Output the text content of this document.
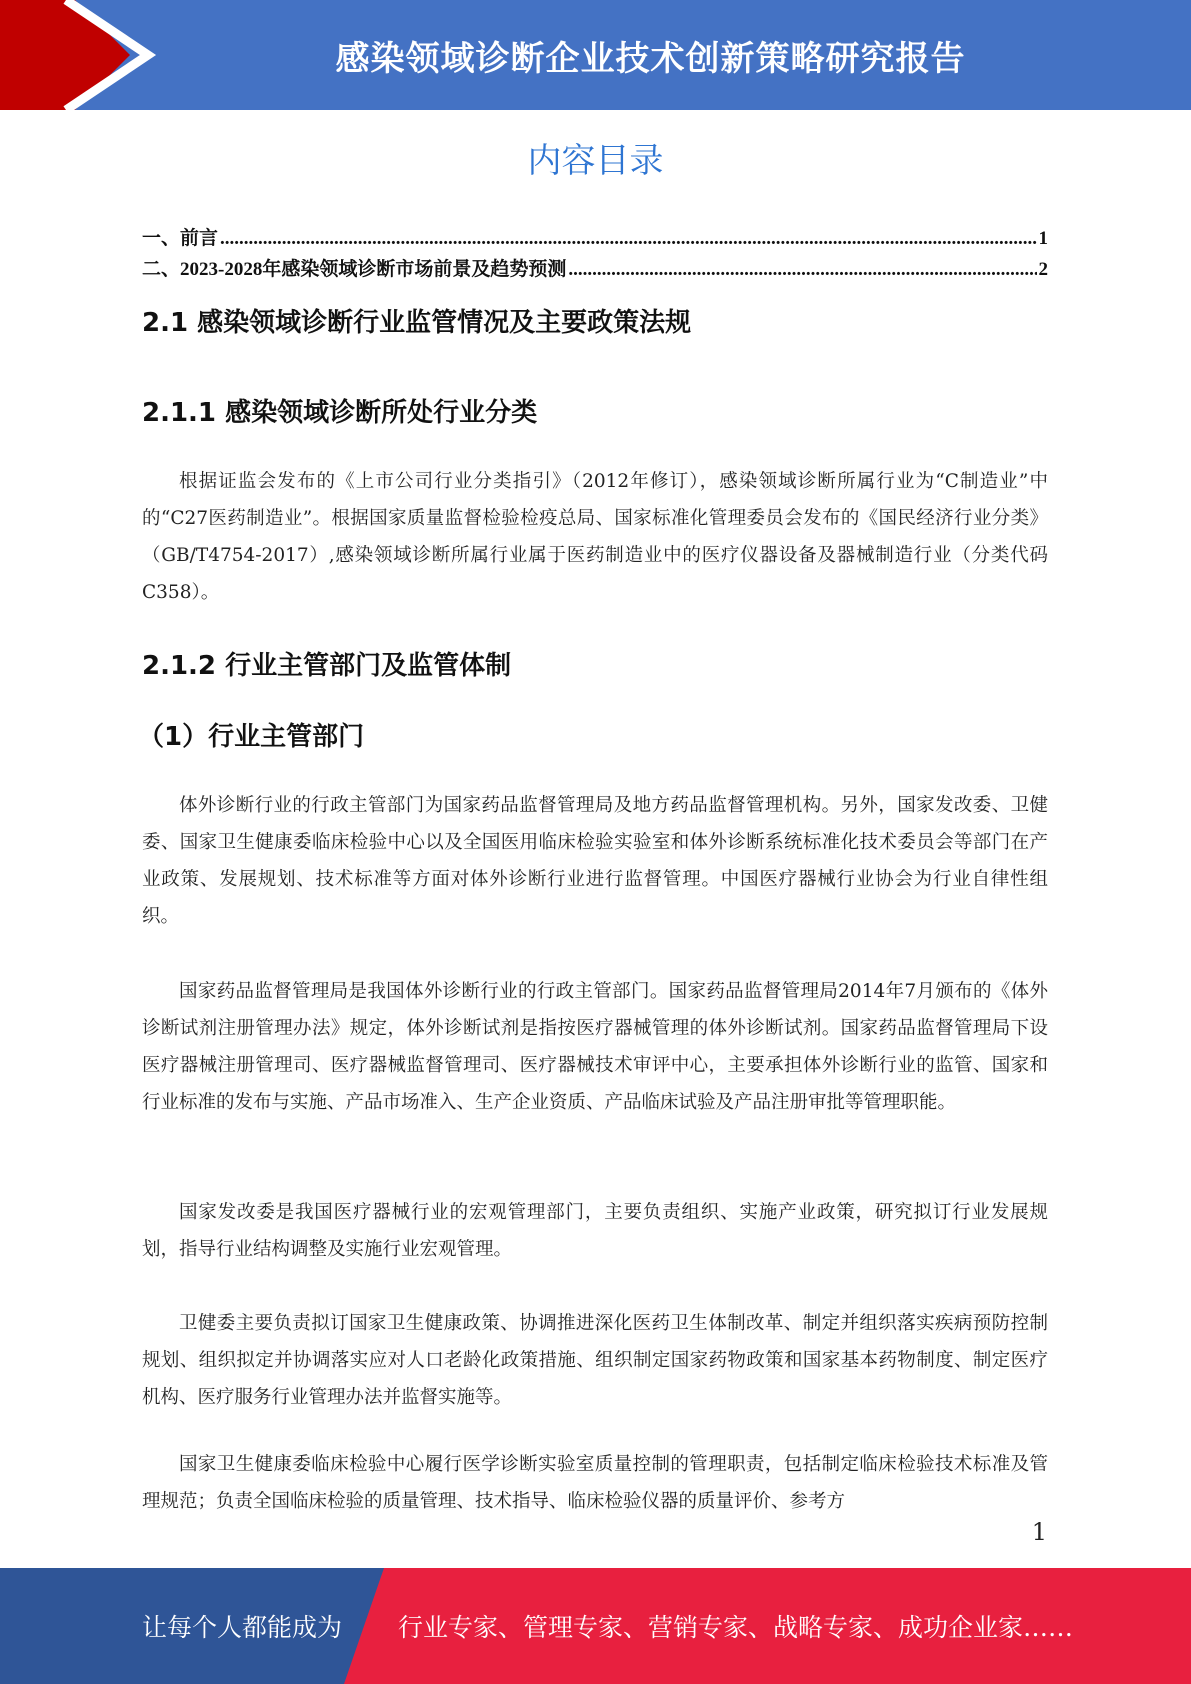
感染领域诊断企业技术创新策略研究报告
内容目录
一、前言 .....	1
二、2023-2028年感染领域诊断市场前景及趋势预测 .....	2
2.1 感染领域诊断行业监管情况及主要政策法规
2.1.1 感染领域诊断所处行业分类

根据证监会发布的《上市公司行业分类指引》（2012年修订），感染领域诊断所属行业为“C制造业”中的“C27医药制造业”。根据国家质量监督检验检疫总局、国家标准化管理委员会发布的《国民经济行业分类》（GB/T4754-2017）,感染领域诊断所属行业属于医药制造业中的医疗仪器设备及器械制造行业（分类代码C358）。

2.1.2 行业主管部门及监管体制
（1）行业主管部门

体外诊断行业的行政主管部门为国家药品监督管理局及地方药品监督管理机构。另外，国家发改委、卫健委、国家卫生健康委临床检验中心以及全国医用临床检验实验室和体外诊断系统标准化技术委员会等部门在产业政策、发展规划、技术标准等方面对体外诊断行业进行监督管理。中国医疗器械行业协会为行业自律性组织。

国家药品监督管理局是我国体外诊断行业的行政主管部门。国家药品监督管理局2014年7月颁布的《体外诊断试剂注册管理办法》规定，体外诊断试剂是指按医疗器械管理的体外诊断试剂。国家药品监督管理局下设医疗器械注册管理司、医疗器械监督管理司、医疗器械技术审评中心，主要承担体外诊断行业的监管、国家和行业标准的发布与实施、产品市场准入、生产企业资质、产品临床试验及产品注册审批等管理职能。

国家发改委是我国医疗器械行业的宏观管理部门，主要负责组织、实施产业政策，研究拟订行业发展规划，指导行业结构调整及实施行业宏观管理。

卫健委主要负责拟订国家卫生健康政策、协调推进深化医药卫生体制改革、制定并组织落实疾病预防控制规划、组织拟定并协调落实应对人口老龄化政策措施、组织制定国家药物政策和国家基本药物制度、制定医疗机构、医疗服务行业管理办法并监督实施等。

国家卫生健康委临床检验中心履行医学诊断实验室质量控制的管理职责，包括制定临床检验技术标准及管理规范；负责全国临床检验的质量管理、技术指导、临床检验仪器的质量评价、参考方

1
让每个人都能成为 行业专家、管理专家、营销专家、战略专家、成功企业家……
